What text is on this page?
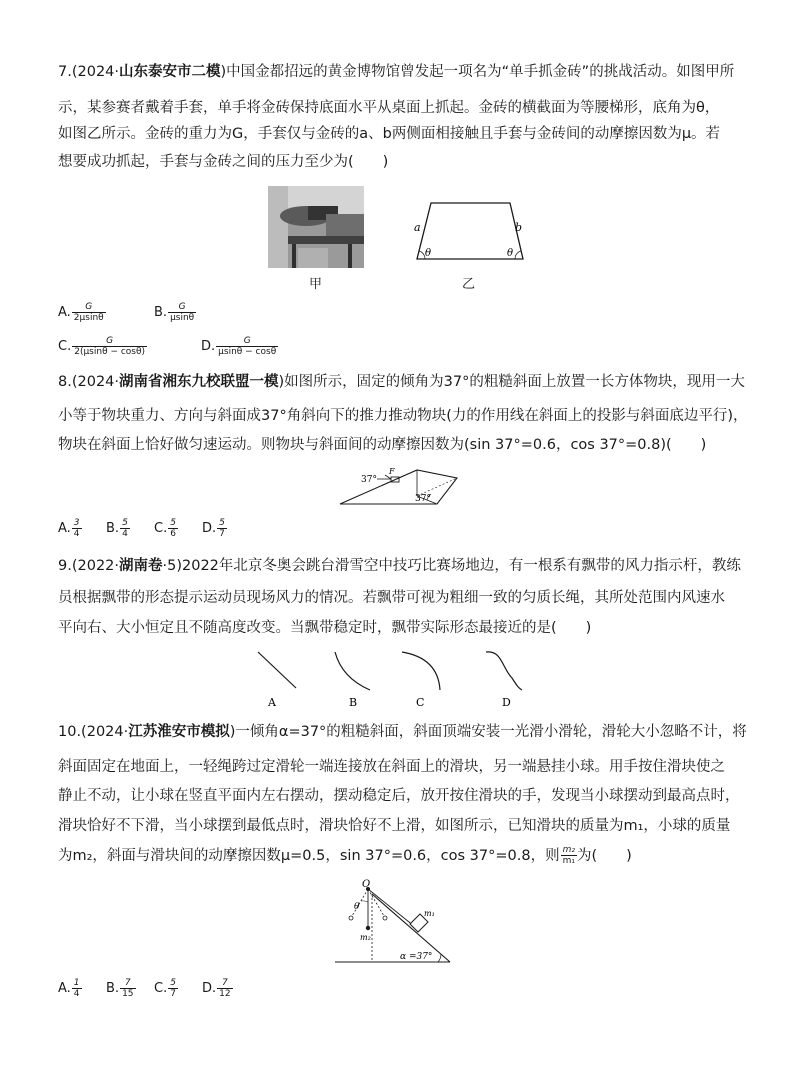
7.(2024·山东泰安市二模)中国金都招远的黄金博物馆曾发起一项名为“单手抓金砖”的挑战活动。如图甲所
示，某参赛者戴着手套，单手将金砖保持底面水平从桌面上抓起。金砖的横截面为等腰梯形，底角为θ，
如图乙所示。金砖的重力为G，手套仅与金砖的a、b两侧面相接触且手套与金砖间的动摩擦因数为μ。若
想要成功抓起，手套与金砖之间的压力至少为(　　)
甲
a	b
θ	θ
乙
A. $\frac{G}{2\mu\sin\theta}$	B. $\frac{G}{\mu\sin\theta}$
C. $\frac{G}{2(\mu\sin\theta - \cos\theta)}$	D. $\frac{G}{\mu\sin\theta - \cos\theta}$
8.(2024·湖南省湘东九校联盟一模)如图所示，固定的倾角为37°的粗糙斜面上放置一长方体物块，现用一大
小等于物块重力、方向与斜面成37°角斜向下的推力推动物块(力的作用线在斜面上的投影与斜面底边平行)，
物块在斜面上恰好做匀速运动。则物块与斜面间的动摩擦因数为(sin 37°=0.6，cos 37°=0.8)(　　)
37°
F
37°
A. $\frac{3}{4} B$. $\frac{5}{4} C$. $\frac{5}{6} D$. $\frac{5}{7}$
9.(2022·湖南卷·5)2022年北京冬奥会跳台滑雪空中技巧比赛场地边，有一根系有飘带的风力指示杆，教练
员根据飘带的形态提示运动员现场风力的情况。若飘带可视为粗细一致的匀质长绳，其所处范围内风速水
平向右、大小恒定且不随高度改变。当飘带稳定时，飘带实际形态最接近的是(　　)
A	B	C	D
10.(2024·江苏淮安市模拟)一倾角α=37°的粗糙斜面，斜面顶端安装一光滑小滑轮，滑轮大小忽略不计，将
斜面固定在地面上，一轻绳跨过定滑轮一端连接放在斜面上的滑块，另一端悬挂小球。用手按住滑块使之
静止不动，让小球在竖直平面内左右摆动，摆动稳定后，放开按住滑块的手，发现当小球摆动到最高点时，
滑块恰好不下滑，当小球摆到最低点时，滑块恰好不上滑，如图所示，已知滑块的质量为m₁，小球的质量
为m₂，斜面与滑块间的动摩擦因数μ=0.5，sin 37°=0.6，cos 37°=0.8，则 $\frac{\text{m₂}}{\text{m₁}}$ 为(　　)
O
θ
m₁
m₂
α =37°
A. $\frac{1}{4} B$. $\frac{7}{15} C$. $\frac{5}{7} D$. $\frac{7}{12}$
